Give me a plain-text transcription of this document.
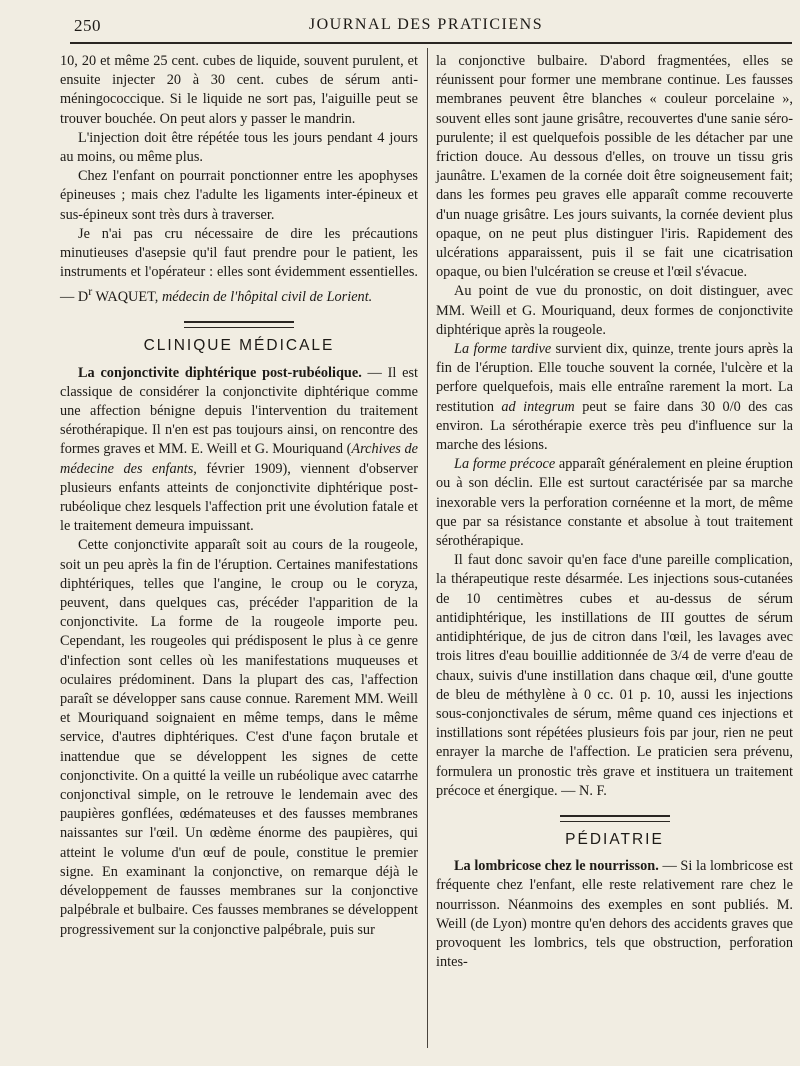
250	JOURNAL DES PRATICIENS

10, 20 et même 25 cent. cubes de liquide, souvent purulent, et ensuite injecter 20 à 30 cent. cubes de sérum anti-méningococcique. Si le liquide ne sort pas, l'aiguille peut se trouver bouchée. On peut alors y passer le mandrin.

L'injection doit être répétée tous les jours pendant 4 jours au moins, ou même plus.

Chez l'enfant on pourrait ponctionner entre les apophyses épineuses ; mais chez l'adulte les ligaments inter-épineux et sus-épineux sont très durs à traverser.

Je n'ai pas cru nécessaire de dire les précautions minutieuses d'asepsie qu'il faut prendre pour le patient, les instruments et l'opérateur : elles sont évidemment essentielles. — $D^r$ WAQUET, médecin de l'hôpital civil de Lorient.

CLINIQUE MÉDICALE

La conjonctivite diphtérique post-rubéolique. — Il est classique de considérer la conjonctivite diphtérique comme une affection bénigne depuis l'intervention du traitement sérothérapique. Il n'en est pas toujours ainsi, on rencontre des formes graves et MM. E. Weill et G. Mouriquand (Archives de médecine des enfants, février 1909), viennent d'observer plusieurs enfants atteints de conjonctivite diphtérique post-rubéolique chez lesquels l'affection prit une évolution fatale et le traitement demeura impuissant.

Cette conjonctivite apparaît soit au cours de la rougeole, soit un peu après la fin de l'éruption. Certaines manifestations diphtériques, telles que l'angine, le croup ou le coryza, peuvent, dans quelques cas, précéder l'apparition de la conjonctivite. La forme de la rougeole importe peu. Cependant, les rougeoles qui prédisposent le plus à ce genre d'infection sont celles où les manifestations muqueuses et oculaires prédominent. Dans la plupart des cas, l'affection paraît se développer sans cause connue. Rarement MM. Weill et Mouriquand soignaient en même temps, dans le même service, d'autres diphtériques. C'est d'une façon brutale et inattendue que se développent les signes de cette conjonctivite. On a quitté la veille un rubéolique avec catarrhe conjonctival simple, on le retrouve le lendemain avec des paupières gonflées, œdémateuses et des fausses membranes naissantes sur l'œil. Un œdème énorme des paupières, qui atteint le volume d'un œuf de poule, constitue le premier signe. En examinant la conjonctive, on remarque déjà le développement de fausses membranes sur la conjonctive palpébrale et bulbaire. Ces fausses membranes se développent progressivement sur la conjonctive palpébrale, puis sur

la conjonctive bulbaire. D'abord fragmentées, elles se réunissent pour former une membrane continue. Les fausses membranes peuvent être blanches « couleur porcelaine », souvent elles sont jaune grisâtre, recouvertes d'une sanie séro-purulente; il est quelquefois possible de les détacher par une friction douce. Au dessous d'elles, on trouve un tissu gris jaunâtre. L'examen de la cornée doit être soigneusement fait; dans les formes peu graves elle apparaît comme recouverte d'un nuage grisâtre. Les jours suivants, la cornée devient plus opaque, on ne peut plus distinguer l'iris. Rapidement des ulcérations apparaissent, puis il se fait une cicatrisation opaque, ou bien l'ulcération se creuse et l'œil s'évacue.

Au point de vue du pronostic, on doit distinguer, avec MM. Weill et G. Mouriquand, deux formes de conjonctivite diphtérique après la rougeole.

La forme tardive survient dix, quinze, trente jours après la fin de l'éruption. Elle touche souvent la cornée, l'ulcère et la perfore quelquefois, mais elle entraîne rarement la mort. La restitution ad integrum peut se faire dans 30 0/0 des cas environ. La sérothérapie exerce très peu d'influence sur la marche des lésions.

La forme précoce apparaît généralement en pleine éruption ou à son déclin. Elle est surtout caractérisée par sa marche inexorable vers la perforation cornéenne et la mort, de même que par sa résistance constante et absolue à tout traitement sérothérapique.

Il faut donc savoir qu'en face d'une pareille complication, la thérapeutique reste désarmée. Les injections sous-cutanées de 10 centimètres cubes et au-dessus de sérum antidiphtérique, les instillations de III gouttes de sérum antidiphtérique, de jus de citron dans l'œil, les lavages avec trois litres d'eau bouillie additionnée de 3/4 de verre d'eau de chaux, suivis d'une instillation dans chaque œil, d'une goutte de bleu de méthylène à 0 cc. 01 p. 10, aussi les injections sous-conjonctivales de sérum, même quand ces injections et instillations sont répétées plusieurs fois par jour, rien ne peut enrayer la marche de l'affection. Le praticien sera prévenu, formulera un pronostic très grave et instituera un traitement précoce et énergique. — N. F.

PÉDIATRIE

La lombricose chez le nourrisson. — Si la lombricose est fréquente chez l'enfant, elle reste relativement rare chez le nourrisson. Néanmoins des exemples en sont publiés. M. Weill (de Lyon) montre qu'en dehors des accidents graves que provoquent les lombrics, tels que obstruction, perforation intes-
